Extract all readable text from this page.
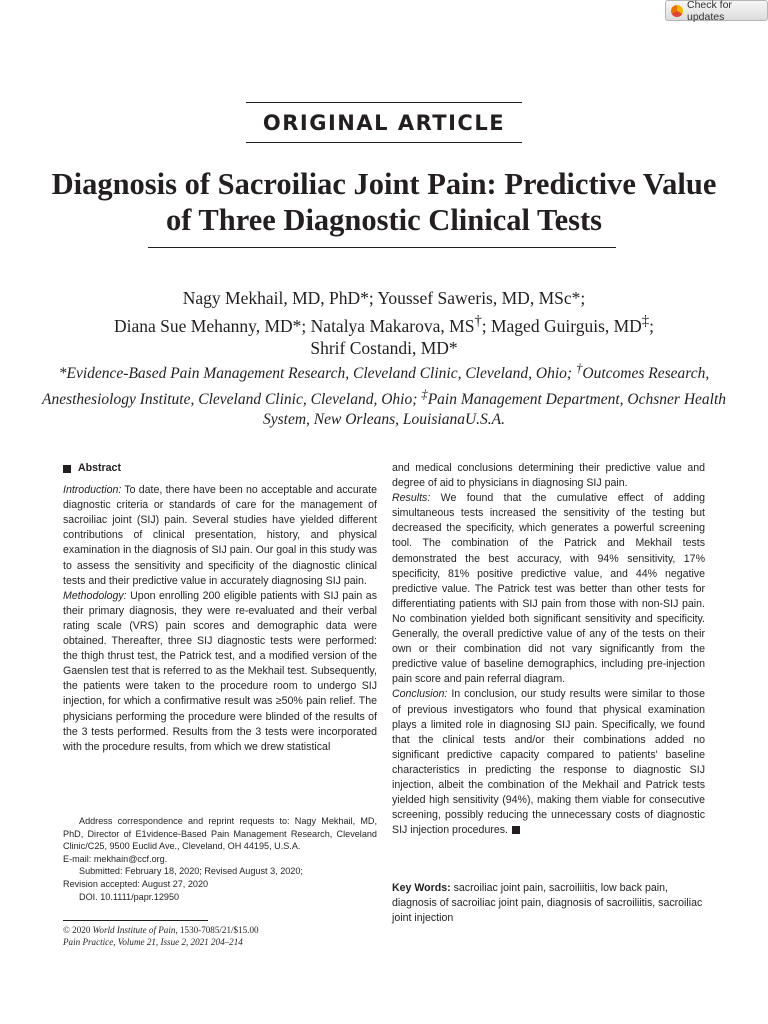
Check for updates
ORIGINAL ARTICLE
Diagnosis of Sacroiliac Joint Pain: Predictive Value of Three Diagnostic Clinical Tests
Nagy Mekhail, MD, PhD*; Youssef Saweris, MD, MSc*;
Diana Sue Mehanny, MD*; Natalya Makarova, MS†; Maged Guirguis, MD‡;
Shrif Costandi, MD*
*Evidence-Based Pain Management Research, Cleveland Clinic, Cleveland, Ohio; †Outcomes Research, Anesthesiology Institute, Cleveland Clinic, Cleveland, Ohio; ‡Pain Management Department, Ochsner Health System, New Orleans, LouisianaU.S.A.
Abstract
Introduction: To date, there have been no acceptable and accurate diagnostic criteria or standards of care for the management of sacroiliac joint (SIJ) pain. Several studies have yielded different contributions of clinical presentation, history, and physical examination in the diagnosis of SIJ pain. Our goal in this study was to assess the sensitivity and specificity of the diagnostic clinical tests and their predictive value in accurately diagnosing SIJ pain.
Methodology: Upon enrolling 200 eligible patients with SIJ pain as their primary diagnosis, they were re-evaluated and their verbal rating scale (VRS) pain scores and demographic data were obtained. Thereafter, three SIJ diagnostic tests were performed: the thigh thrust test, the Patrick test, and a modified version of the Gaenslen test that is referred to as the Mekhail test. Subsequently, the patients were taken to the procedure room to undergo SIJ injection, for which a confirmative result was ≥50% pain relief. The physicians performing the procedure were blinded of the results of the 3 tests performed. Results from the 3 tests were incorporated with the procedure results, from which we drew statistical
and medical conclusions determining their predictive value and degree of aid to physicians in diagnosing SIJ pain.
Results: We found that the cumulative effect of adding simultaneous tests increased the sensitivity of the testing but decreased the specificity, which generates a powerful screening tool. The combination of the Patrick and Mekhail tests demonstrated the best accuracy, with 94% sensitivity, 17% specificity, 81% positive predictive value, and 44% negative predictive value. The Patrick test was better than other tests for differentiating patients with SIJ pain from those with non-SIJ pain. No combination yielded both significant sensitivity and specificity. Generally, the overall predictive value of any of the tests on their own or their combination did not vary significantly from the predictive value of baseline demographics, including pre-injection pain score and pain referral diagram.
Conclusion: In conclusion, our study results were similar to those of previous investigators who found that physical examination plays a limited role in diagnosing SIJ pain. Specifically, we found that the clinical tests and/or their combinations added no significant predictive capacity compared to patients' baseline characteristics in predicting the response to diagnostic SIJ injection, albeit the combination of the Mekhail and Patrick tests yielded high sensitivity (94%), making them viable for consecutive screening, possibly reducing the unnecessary costs of diagnostic SIJ injection procedures.
Address correspondence and reprint requests to: Nagy Mekhail, MD, PhD, Director of E1vidence-Based Pain Management Research, Cleveland Clinic/C25, 9500 Euclid Ave., Cleveland, OH 44195, U.S.A.
E-mail: mekhain@ccf.org.
Submitted: February 18, 2020; Revised August 3, 2020;
Revision accepted: August 27, 2020
DOI. 10.1111/papr.12950
Key Words: sacroiliac joint pain, sacroiliitis, low back pain, diagnosis of sacroiliac joint pain, diagnosis of sacroiliitis, sacroiliac joint injection
© 2020 World Institute of Pain, 1530-7085/21/$15.00
Pain Practice, Volume 21, Issue 2, 2021 204–214
